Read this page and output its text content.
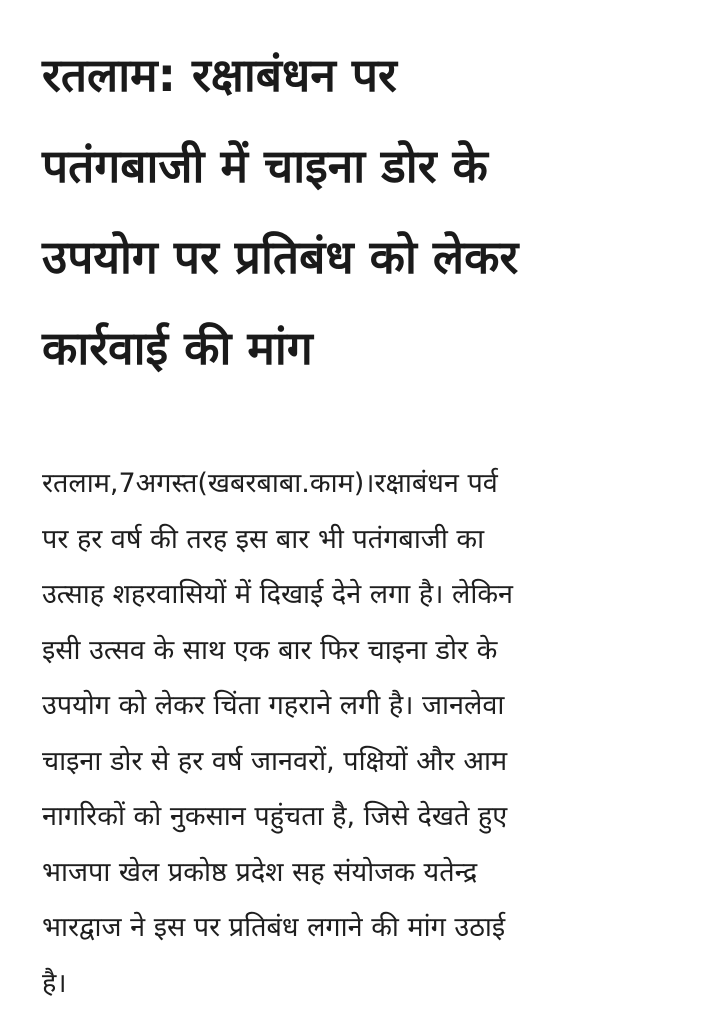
रतलाम: रक्षाबंधन पर
पतंगबाजी में चाइना डोर के
उपयोग पर प्रतिबंध को लेकर
कार्रवाई की मांग

रतलाम,7अगस्त(खबरबाबा.काम)।रक्षाबंधन पर्व
पर हर वर्ष की तरह इस बार भी पतंगबाजी का
उत्साह शहरवासियों में दिखाई देने लगा है। लेकिन
इसी उत्सव के साथ एक बार फिर चाइना डोर के
उपयोग को लेकर चिंता गहराने लगी है। जानलेवा
चाइना डोर से हर वर्ष जानवरों, पक्षियों और आम
नागरिकों को नुकसान पहुंचता है, जिसे देखते हुए
भाजपा खेल प्रकोष्ठ प्रदेश सह संयोजक यतेन्द्र
भारद्वाज ने इस पर प्रतिबंध लगाने की मांग उठाई
है।
